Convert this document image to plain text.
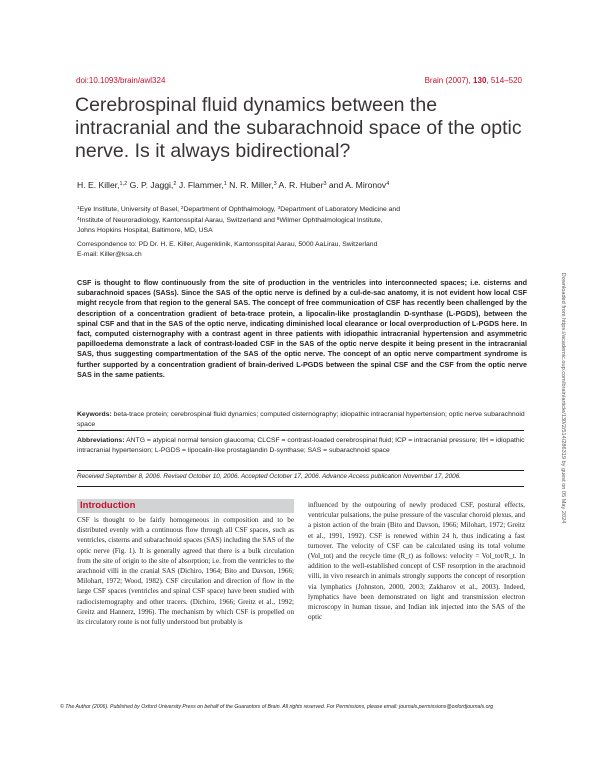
doi:10.1093/brain/awl324	Brain (2007), 130, 514–520
Cerebrospinal fluid dynamics between the intracranial and the subarachnoid space of the optic nerve. Is it always bidirectional?
H. E. Killer,$^{1,2}$ G. P. Jaggi,$^2$ J. Flammer,$^1$ N. R. Miller,$^3$ A. R. Huber$^3$ and A. Mironov$^4$
$^1$Eye Institute, University of Basel, $^2$Department of Ophthalmology, $^3$Department of Laboratory Medicine and
$^4$Institute of Neuroradiology, Kantonsspital Aarau, Switzerland and $^5$Wilmer Ophthalmological Institute,
Johns Hopkins Hospital, Baltimore, MD, USA
Correspondence to: PD Dr. H. E. Killer, Augenklinik, Kantonsspital Aarau, 5000 AaLirau, Switzerland
E-mail: Killer@ksa.ch

CSF is thought to flow continuously from the site of production in the ventricles into interconnected spaces; i.e. cisterns and subarachnoid spaces (SASs). Since the SAS of the optic nerve is defined by a cul-de-sac anatomy, it is not evident how local CSF might recycle from that region to the general SAS. The concept of free communication of CSF has recently been challenged by the description of a concentration gradient of beta-trace protein, a lipocalin-like prostaglandin D-synthase (L-PGDS), between the spinal CSF and that in the SAS of the optic nerve, indicating diminished local clearance or local overproduction of L-PGDS here. In fact, computed cisternography with a contrast agent in three patients with idiopathic intracranial hypertension and asymmetric papilloedema demonstrate a lack of contrast-loaded CSF in the SAS of the optic nerve despite it being present in the intracranial SAS, thus suggesting compartmentation of the SAS of the optic nerve. The concept of an optic nerve compartment syndrome is further supported by a concentration gradient of brain-derived L-PGDS between the spinal CSF and the CSF from the optic nerve SAS in the same patients.

Keywords: beta-trace protein; cerebrospinal fluid dynamics; computed cisternography; idiopathic intracranial hypertension; optic nerve subarachnoid space
Abbreviations: ANTG = atypical normal tension glaucoma; CLCSF = contrast-loaded cerebrospinal fluid; ICP = intracranial pressure; IIH = idiopathic intracranial hypertension; L-PGDS = lipocalin-like prostaglandin D-synthase; SAS = subarachnoid space
Received September 8, 2006. Revised October 10, 2006. Accepted October 17, 2006. Advance Access publication November 17, 2006.
Introduction

CSF is thought to be fairly homogeneous in composition and to be distributed evenly with a continuous flow through all CSF spaces, such as ventricles, cisterns and subarachnoid spaces (SAS) including the SAS of the optic nerve (Fig. 1). It is generally agreed that there is a bulk circulation from the site of origin to the site of absorption; i.e. from the ventricles to the arachnoid villi in the cranial SAS (Dichiro, 1964; Bito and Davson, 1966; Milohart, 1972; Wood, 1982). CSF circulation and direction of flow in the large CSF spaces (ventricles and spinal CSF space) have been studied with radiocisternography and other tracers. (Dichiro, 1966; Greitz et al., 1992; Greitz and Hannerz, 1996). The mechanism by which CSF is propelled on its circulatory route is not fully understood but probably is

influenced by the outpouring of newly produced CSF, postural effects, ventricular pulsations, the pulse pressure of the vascular choroid plexus, and a piston action of the brain (Bito and Davson, 1966; Milohart, 1972; Greitz et al., 1991, 1992). CSF is renewed within 24 h, thus indicating a fast turnover. The velocity of CSF can be calculated using its total volume (Vol_tot) and the recycle time (R_t) as follows: velocity = Vol_tot/R_t. In addition to the well-established concept of CSF resorption in the arachnoid villi, in vivo research in animals strongly supports the concept of resorption via lymphatics (Johnston, 2000, 2003; Zakharov et al., 2003). Indeed, lymphatics have been demonstrated on light and transmission electron microscopy in human tissue, and Indian ink injected into the SAS of the optic

© The Author (2006). Published by Oxford University Press on behalf of the Guarantors of Brain. All rights reserved. For Permissions, please email: journals.permissions@oxfordjournals.org
Downloaded from https://academic.oup.com/brain/article/130/2/514/286319 by guest on 05 May 2024
